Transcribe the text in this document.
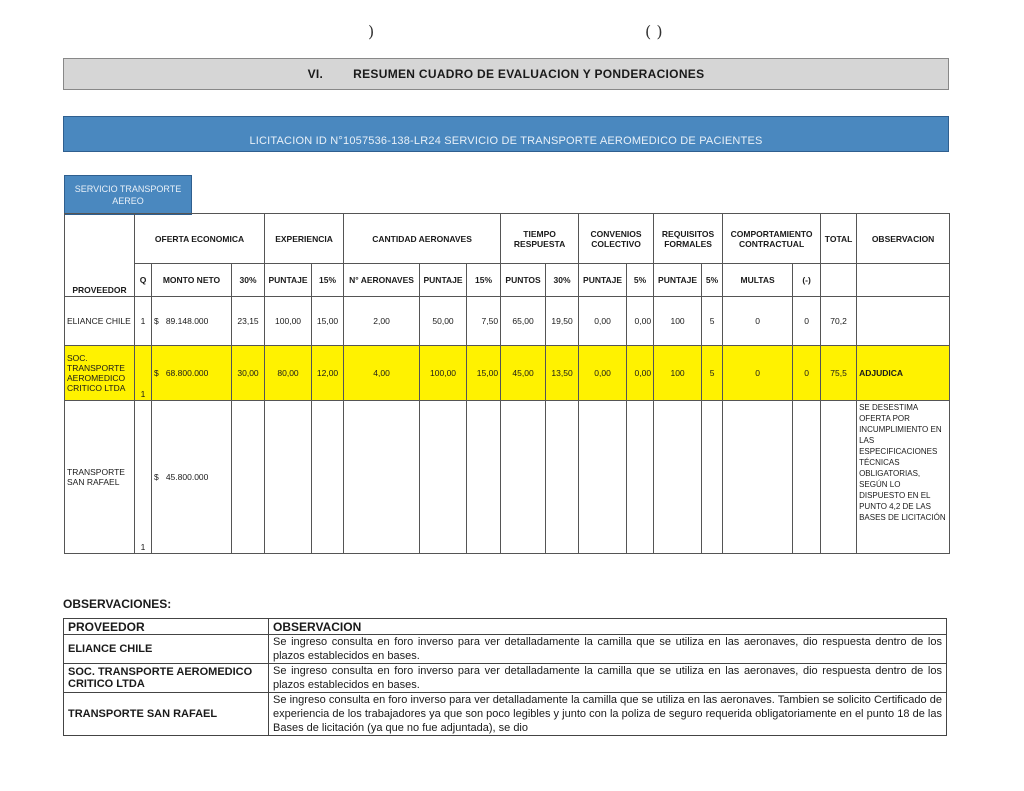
)	( )
VI.	RESUMEN CUADRO DE EVALUACION Y PONDERACIONES
LICITACION ID N°1057536-138-LR24 SERVICIO DE TRANSPORTE AEROMEDICO DE PACIENTES
SERVICIO TRANSPORTE AEREO
PROVEEDOR	OFERTA ECONOMICA			EXPERIENCIA		CANTIDAD AERONAVES			TIEMPO RESPUESTA		CONVENIOS COLECTIVO		REQUISITOS FORMALES		COMPORTAMIENTO CONTRACTUAL		TOTAL	OBSERVACION
	Q	MONTO NETO	30%	PUNTAJE	15%	N° AERONAVES	PUNTAJE	15%	PUNTOS	30%	PUNTAJE	5%	PUNTAJE	5%	MULTAS	(-)		
ELIANCE CHILE	1	$ 89.148.000	23,15	100,00	15,00	2,00	50,00	7,50	65,00	19,50	0,00	0,00	100	5	0	0	70,2	
SOC. TRANSPORTE AEROMEDICO CRITICO LTDA	1	$ 68.800.000	30,00	80,00	12,00	4,00	100,00	15,00	45,00	13,50	0,00	0,00	100	5	0	0	75,5	ADJUDICA
TRANSPORTE SAN RAFAEL	1	$ 45.800.000																SE DESESTIMA OFERTA POR INCUMPLIMIENTO EN LAS ESPECIFICACIONES TÉCNICAS OBLIGATORIAS, SEGÚN LO DISPUESTO EN EL PUNTO 4,2 DE LAS BASES DE LICITACIÓN
OBSERVACIONES:
PROVEEDOR	OBSERVACION
ELIANCE CHILE	Se ingreso consulta en foro inverso para ver detalladamente la camilla que se utiliza en las aeronaves, dio respuesta dentro de los plazos establecidos en bases.
SOC. TRANSPORTE AEROMEDICO CRITICO LTDA	Se ingreso consulta en foro inverso para ver detalladamente la camilla que se utiliza en las aeronaves, dio respuesta dentro de los plazos establecidos en bases.
TRANSPORTE SAN RAFAEL	Se ingreso consulta en foro inverso para ver detalladamente la camilla que se utiliza en las aeronaves. Tambien se solicito Certificado de experiencia de los trabajadores ya que son poco legibles y junto con la poliza de seguro requerida obligatoriamente en el punto 18 de las Bases de licitación (ya que no fue adjuntada), se dio
